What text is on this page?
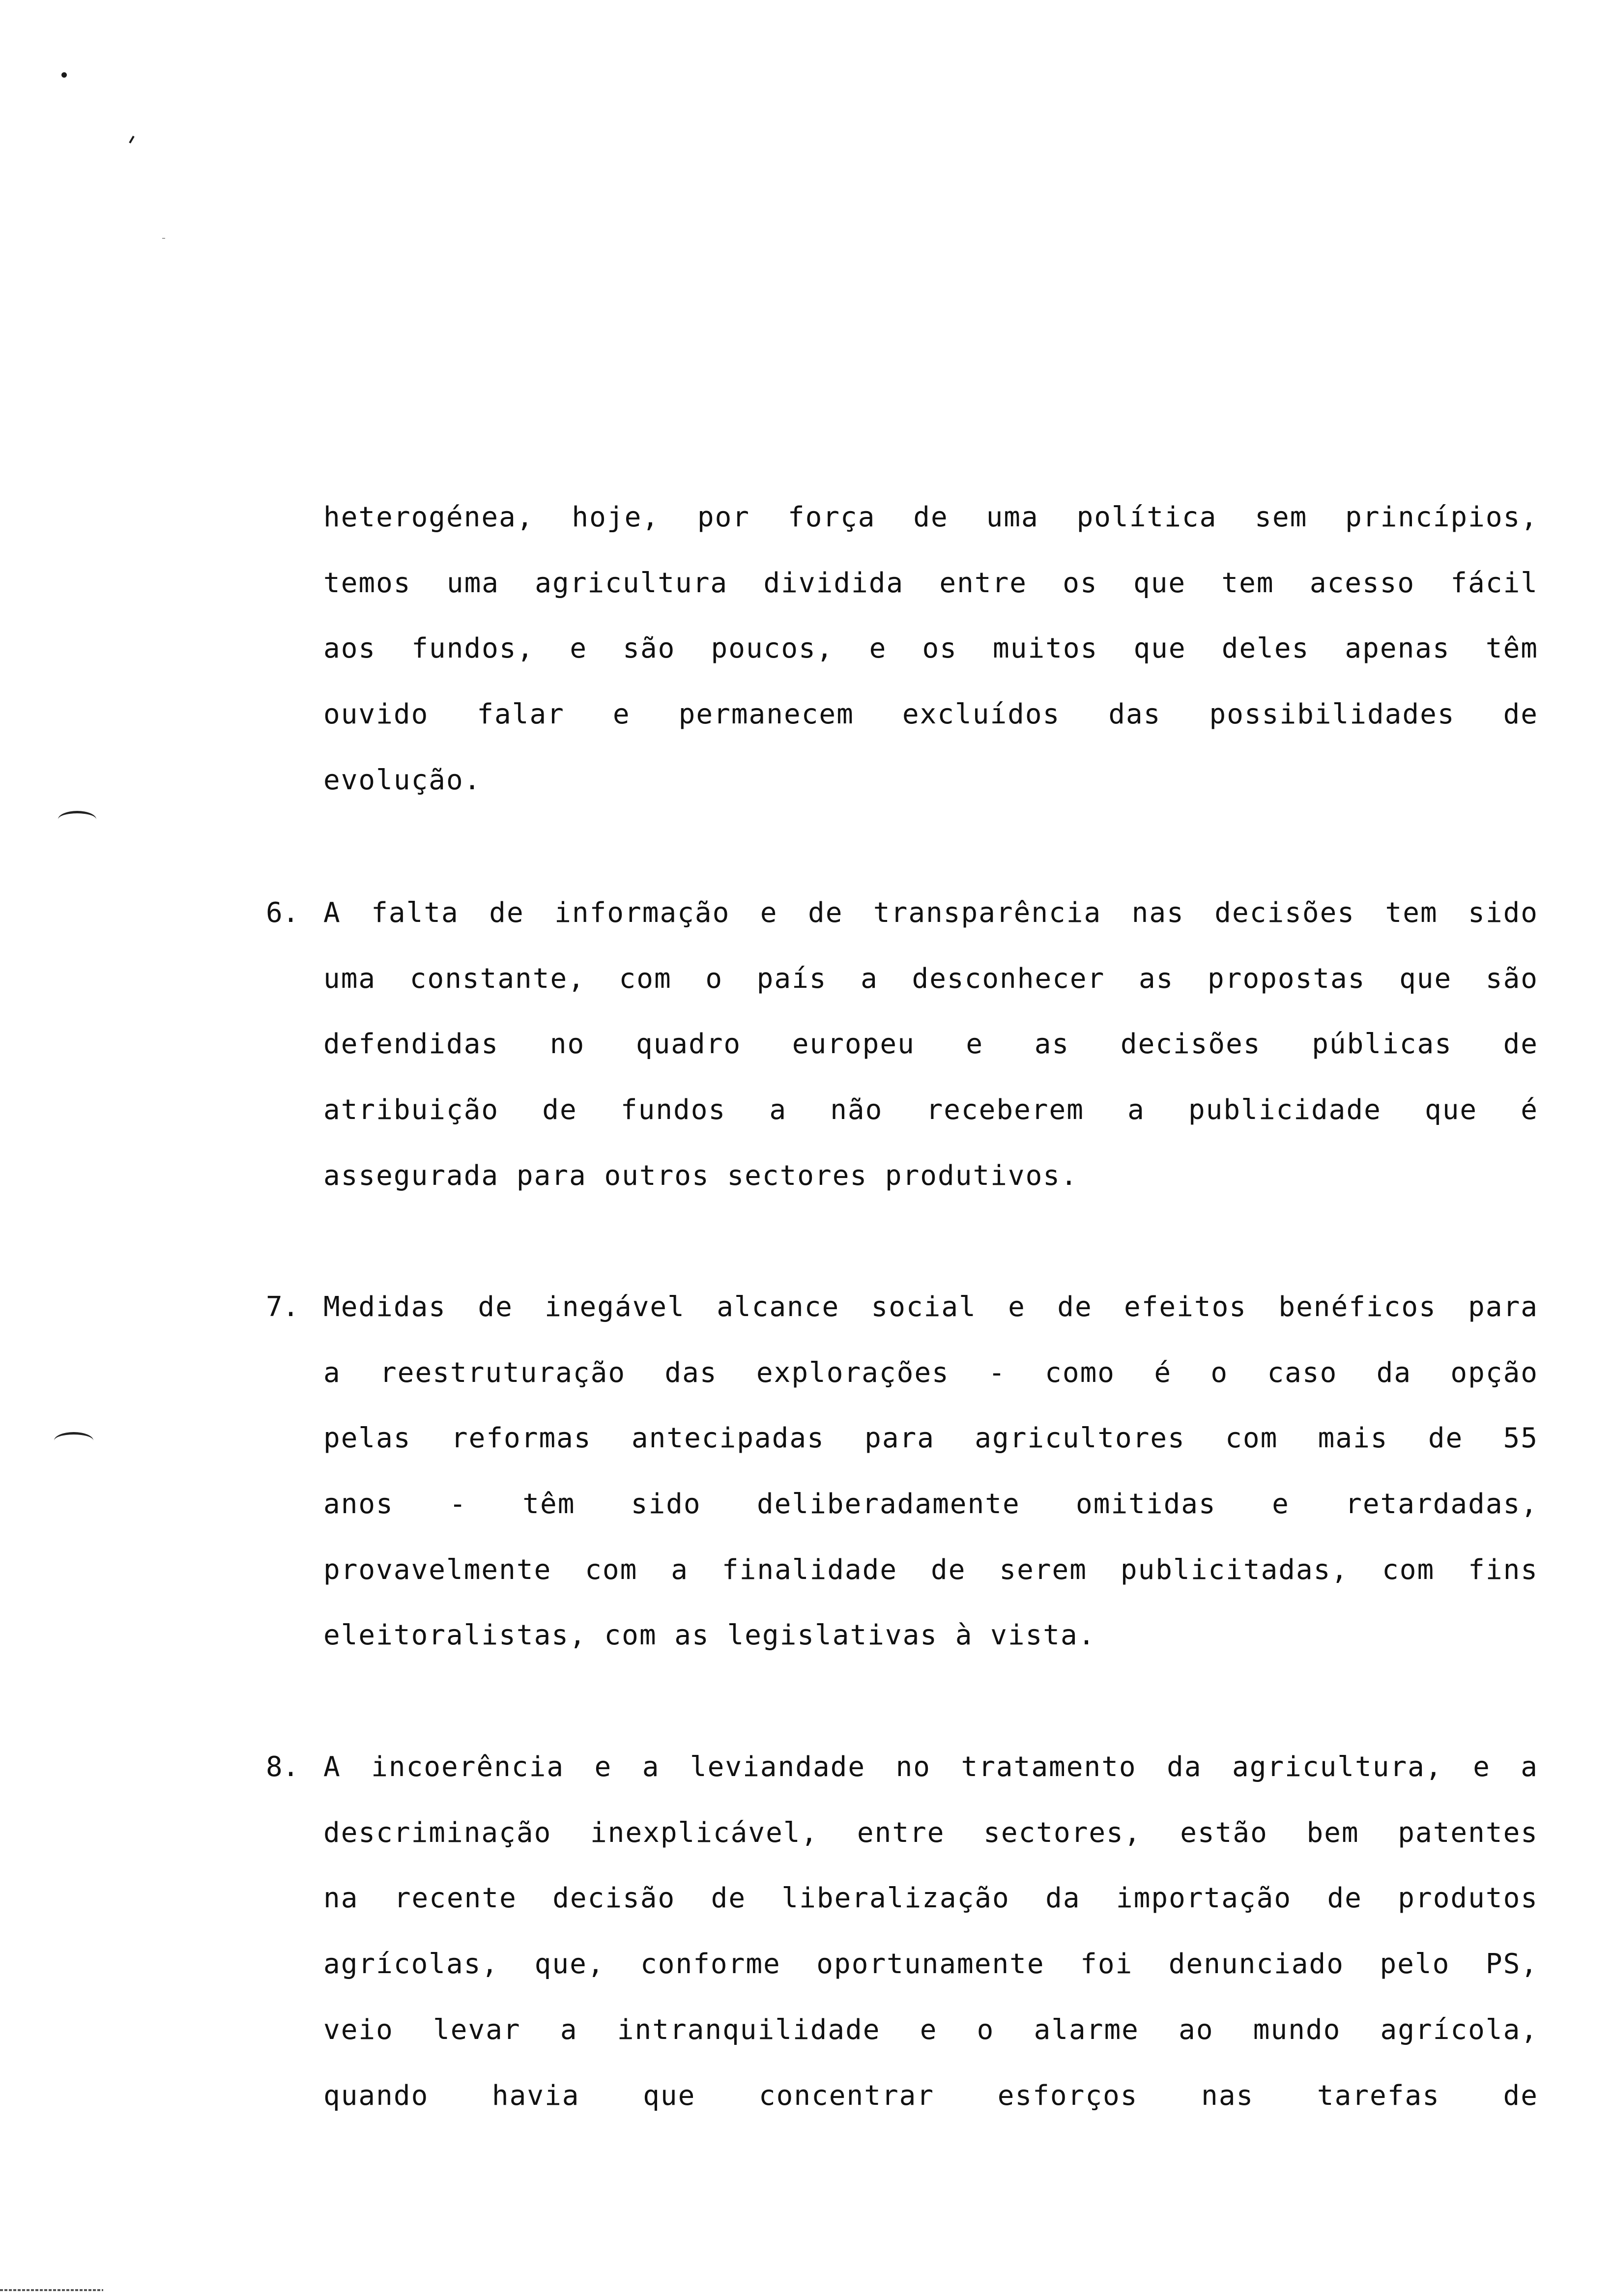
heterogénea, hoje, por força de uma política sem princípios,
temos uma agricultura dividida entre os que tem acesso fácil
aos fundos, e são poucos, e os muitos que deles apenas têm
ouvido falar e permanecem excluídos das possibilidades de
evolução.
6. A falta de informação e de transparência nas decisões tem sido
uma constante, com o país a desconhecer as propostas que são
defendidas no quadro europeu e as decisões públicas de
atribuição de fundos a não receberem a publicidade que é
assegurada para outros sectores produtivos.
7. Medidas de inegável alcance social e de efeitos benéficos para
a reestruturação das explorações - como é o caso da opção
pelas reformas antecipadas para agricultores com mais de 55
anos - têm sido deliberadamente omitidas e retardadas,
provavelmente com a finalidade de serem publicitadas, com fins
eleitoralistas, com as legislativas à vista.
8. A incoerência e a leviandade no tratamento da agricultura, e a
descriminação inexplicável, entre sectores, estão bem patentes
na recente decisão de liberalização da importação de produtos
agrícolas, que, conforme oportunamente foi denunciado pelo PS,
veio levar a intranquilidade e o alarme ao mundo agrícola,
quando havia que concentrar esforços nas tarefas de
